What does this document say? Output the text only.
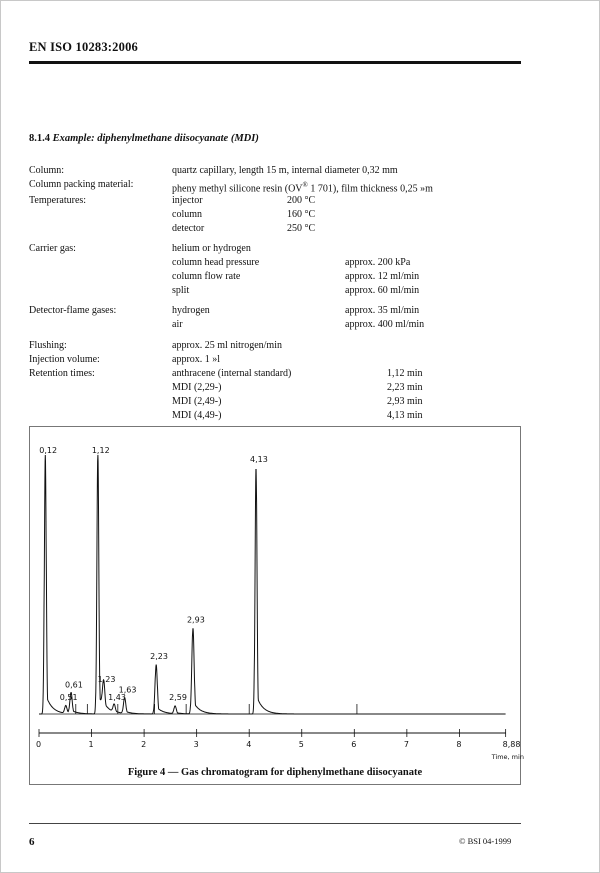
EN ISO 10283:2006
8.1.4 Example: diphenylmethane diisocyanate (MDI)
Column:	quartz capillary, length 15 m, internal diameter 0,32 mm
Column packing material:	pheny methyl silicone resin (OV® 1 701), film thickness 0,25 »m
Temperatures:	injector	200 °C
column	160 °C
detector	250 °C
Carrier gas:	helium or hydrogen
column head pressure	approx. 200 kPa
column flow rate	approx. 12 ml/min
split	approx. 60 ml/min
Detector-flame gases:	hydrogen	approx. 35 ml/min
air	approx. 400 ml/min
Flushing:	approx. 25 ml nitrogen/min
Injection volume:	approx. 1 »l
Retention times:	anthracene (internal standard)	1,12 min
MDI (2,29-)	2,23 min
MDI (2,49-)	2,93 min
MDI (4,49-)	4,13 min
0,12
0,51
0,61
1,12
1,23
1,43
1,63
2,23
2,59
2,93
4,13
0	1	2	3	4	5	6	7	8	8,88
Time, min
Figure 4 — Gas chromatogram for diphenylmethane diisocyanate
6	© BSI 04-1999
